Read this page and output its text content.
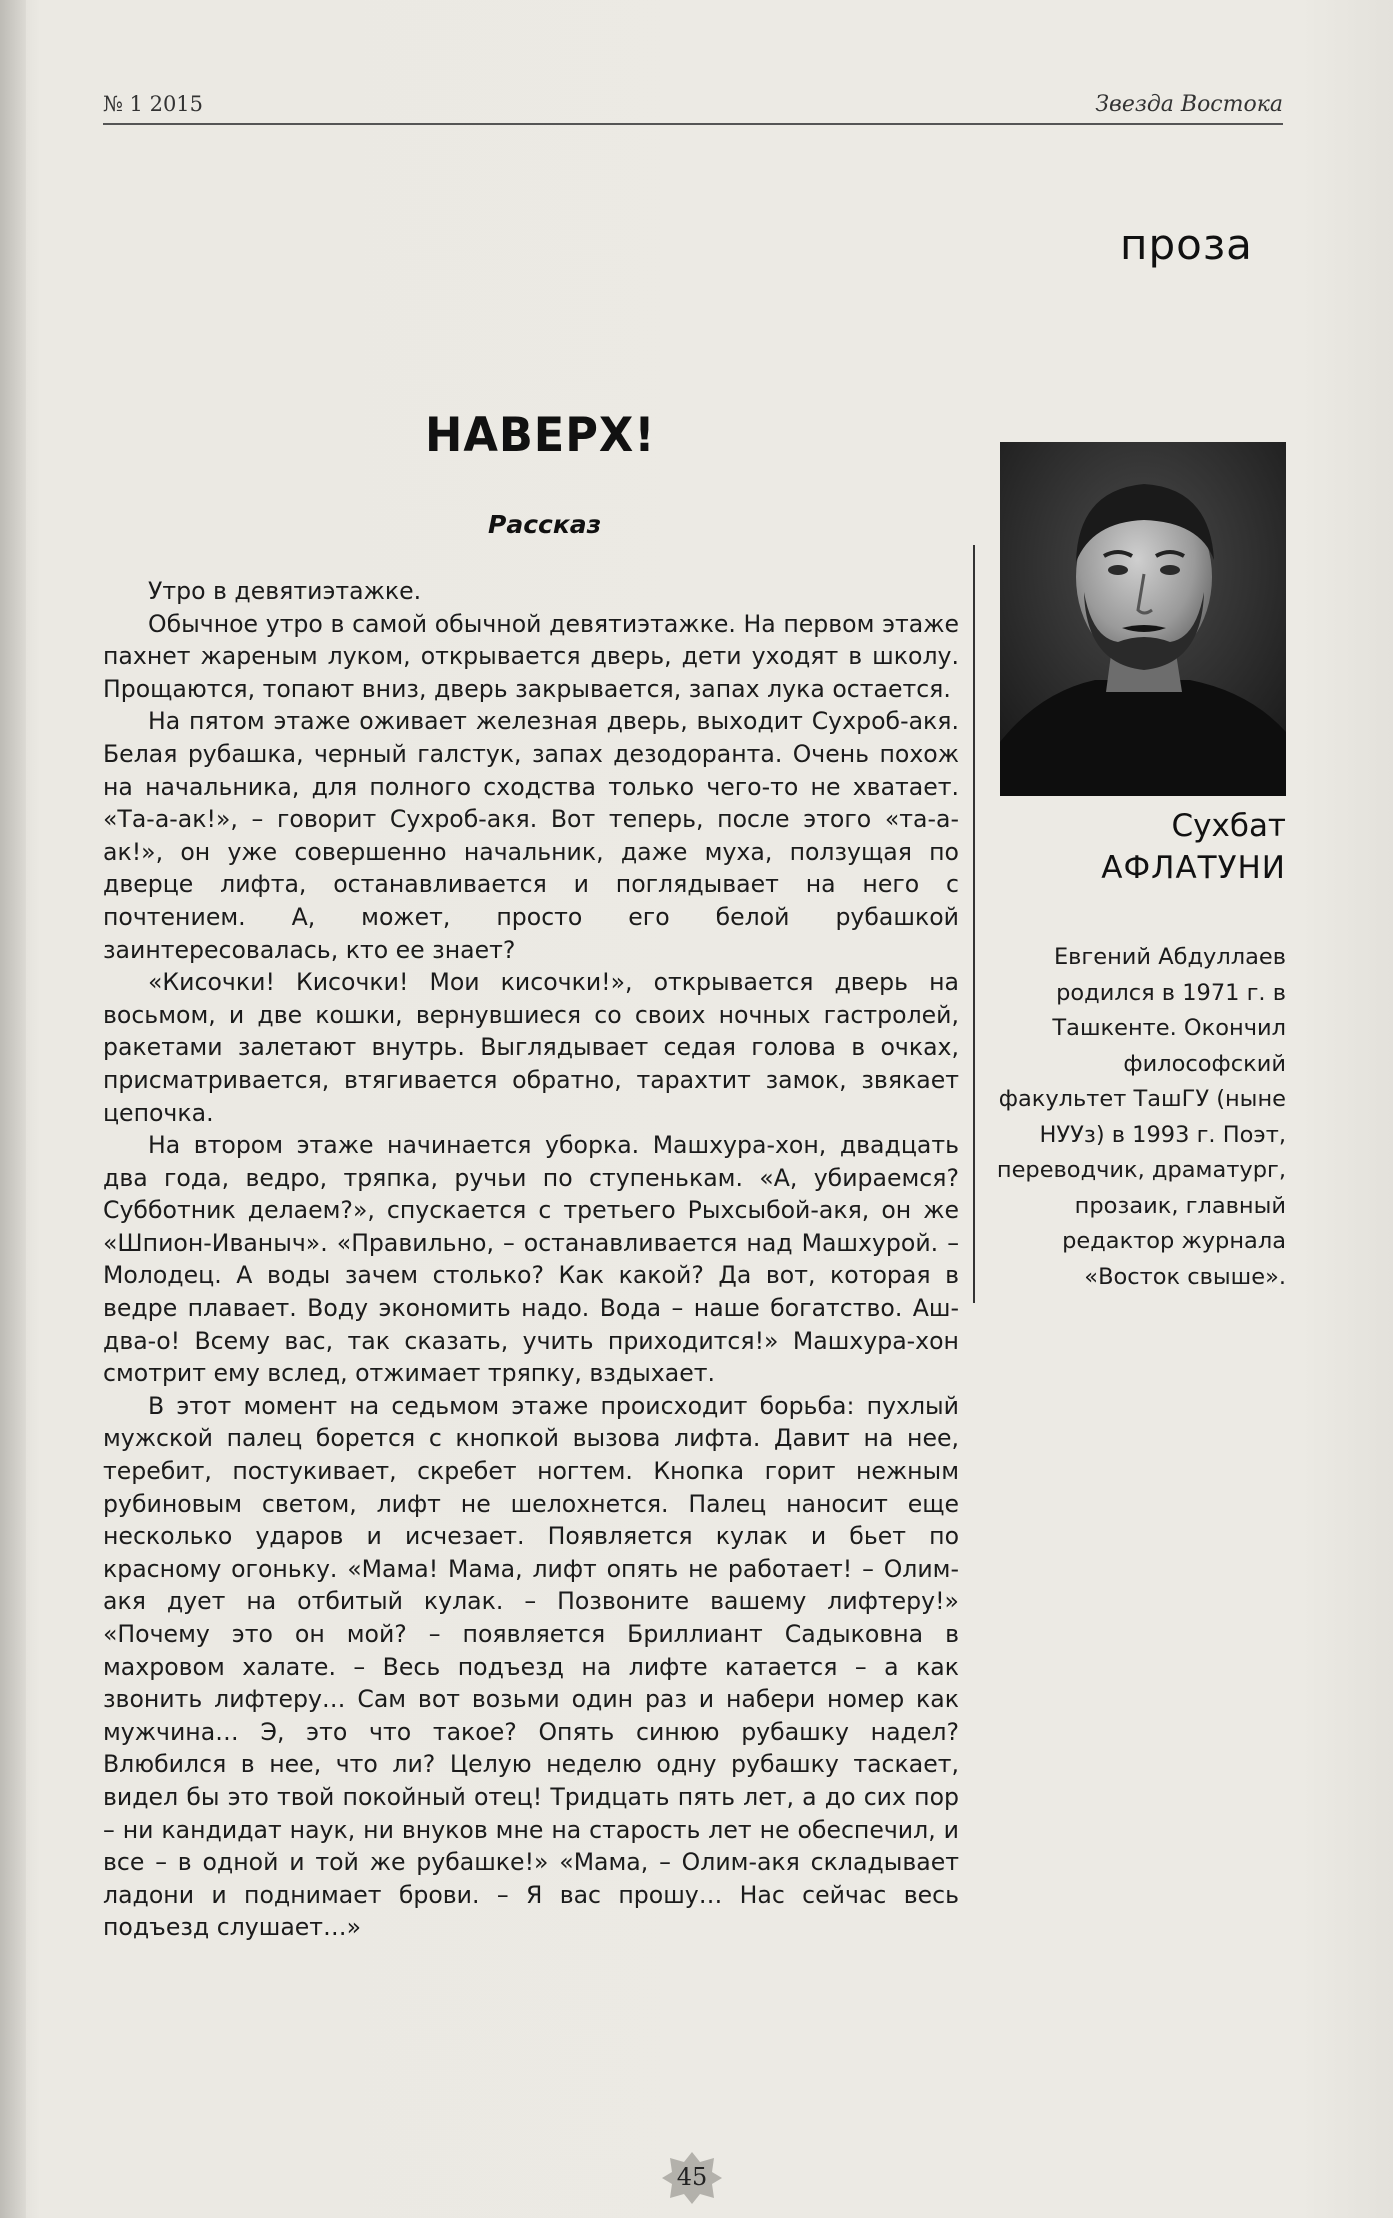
№ 1 2015	Звезда Востока
проза
НАВЕРХ!
Рассказ

Утро в девятиэтажке.

Обычное утро в самой обычной девятиэтажке. На первом этаже пахнет жареным луком, открывается дверь, дети уходят в школу. Прощаются, топают вниз, дверь закрывается, запах лука остается.

На пятом этаже оживает железная дверь, выходит Сухроб-акя. Белая рубашка, черный галстук, запах дезодоранта. Очень похож на начальника, для полного сходства только чего-то не хватает. «Та-а-ак!», – говорит Сухроб-акя. Вот теперь, после этого «та-а-ак!», он уже совершенно начальник, даже муха, ползущая по дверце лифта, останавливается и поглядывает на него с почтением. А, может, просто его белой рубашкой заинтересовалась, кто ее знает?

«Кисочки! Кисочки! Мои кисочки!», открывается дверь на восьмом, и две кошки, вернувшиеся со своих ночных гастролей, ракетами залетают внутрь. Выглядывает седая голова в очках, присматривается, втягивается обратно, тарахтит замок, звякает цепочка.

На втором этаже начинается уборка. Машхура-хон, двадцать два года, ведро, тряпка, ручьи по ступенькам. «А, убираемся? Субботник делаем?», спускается с третьего Рыхсыбой-акя, он же «Шпион-Иваныч». «Правильно, – останавливается над Машхурой. – Молодец. А воды зачем столько? Как какой? Да вот, которая в ведре плавает. Воду экономить надо. Вода – наше богатство. Аш-два-о! Всему вас, так сказать, учить приходится!» Машхура-хон смотрит ему вслед, отжимает тряпку, вздыхает.

В этот момент на седьмом этаже происходит борьба: пухлый мужской палец борется с кнопкой вызова лифта. Давит на нее, теребит, постукивает, скребет ногтем. Кнопка горит нежным рубиновым светом, лифт не шелохнется. Палец наносит еще несколько ударов и исчезает. Появляется кулак и бьет по красному огоньку. «Мама! Мама, лифт опять не работает! – Олим-акя дует на отбитый кулак. – Позвоните вашему лифтеру!» «Почему это он мой? – появляется Бриллиант Садыковна в махровом халате. – Весь подъезд на лифте катается – а как звонить лифтеру… Сам вот возьми один раз и набери номер как мужчина… Э, это что такое? Опять синюю рубашку надел? Влюбился в нее, что ли? Целую неделю одну рубашку таскает, видел бы это твой покойный отец! Тридцать пять лет, а до сих пор – ни кандидат наук, ни внуков мне на старость лет не обеспечил, и все – в одной и той же рубашке!» «Мама, – Олим-акя складывает ладони и поднимает брови. – Я вас прошу… Нас сейчас весь подъезд слушает…»

Сухбат
АФЛАТУНИ
Евгений Абдуллаев родился в 1971 г. в Ташкенте. Окончил философский факультет ТашГУ (ныне НУУз) в 1993 г. Поэт, переводчик, драматург, прозаик, главный редактор журнала «Восток свыше».
45
